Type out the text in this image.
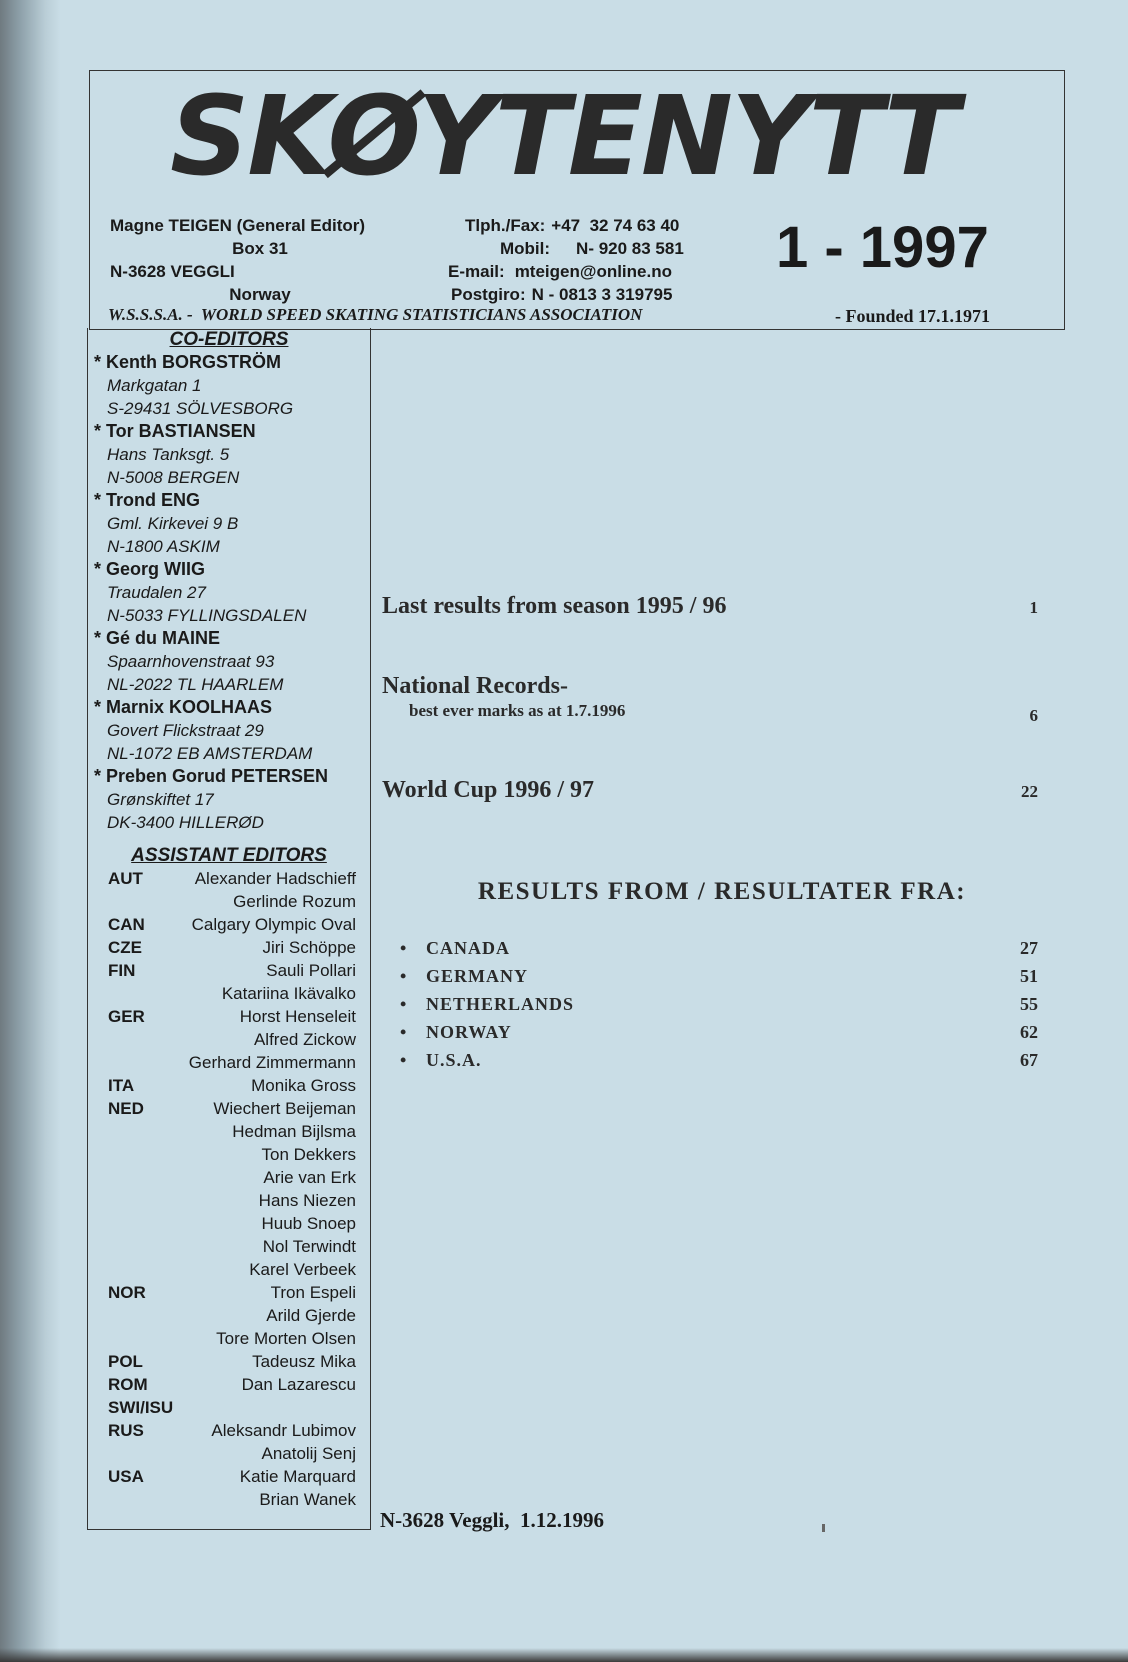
SKØYTENYTT
Magne TEIGEN (General Editor)
Box 31
N-3628 VEGGLI
Norway
Tlph./Fax: +47  32 74 63 40
Mobil: N- 920 83 581
E-mail: mteigen@online.no
Postgiro: N - 0813 3 319795
1 - 1997
W.S.S.S.A. -  WORLD SPEED SKATING STATISTICIANS ASSOCIATION	- Founded 17.1.1971
CO-EDITORS
* Kenth BORGSTRÖM
Markgatan 1
S-29431 SÖLVESBORG
* Tor BASTIANSEN
Hans Tanksgt. 5
N-5008 BERGEN
* Trond ENG
Gml. Kirkevei 9 B
N-1800 ASKIM
* Georg WIIG
Traudalen 27
N-5033 FYLLINGSDALEN
* Gé du MAINE
Spaarnhovenstraat 93
NL-2022 TL HAARLEM
* Marnix KOOLHAAS
Govert Flickstraat 29
NL-1072 EB AMSTERDAM
* Preben Gorud PETERSEN
Grønskiftet 17
DK-3400 HILLERØD
ASSISTANT EDITORS
AUT	Alexander Hadschieff
Gerlinde Rozum
CAN	Calgary Olympic Oval
CZE	Jiri Schöppe
FIN	Sauli Pollari
Katariina Ikävalko
GER	Horst Henseleit
Alfred Zickow
Gerhard Zimmermann
ITA	Monika Gross
NED	Wiechert Beijeman
Hedman Bijlsma
Ton Dekkers
Arie van Erk
Hans Niezen
Huub Snoep
Nol Terwindt
Karel Verbeek
NOR	Tron Espeli
Arild Gjerde
Tore Morten Olsen
POL	Tadeusz Mika
ROM	Dan Lazarescu
SWI/ISU
RUS	Aleksandr Lubimov
Anatolij Senj
USA	Katie Marquard
Brian Wanek
Last results from season 1995 / 96	1
National Records-
best ever marks as at 1.7.1996	6
World Cup 1996 / 97	22
RESULTS FROM / RESULTATER FRA:
• CANADA	27
• GERMANY	51
• NETHERLANDS	55
• NORWAY	62
• U.S.A.	67
N-3628 Veggli,  1.12.1996
